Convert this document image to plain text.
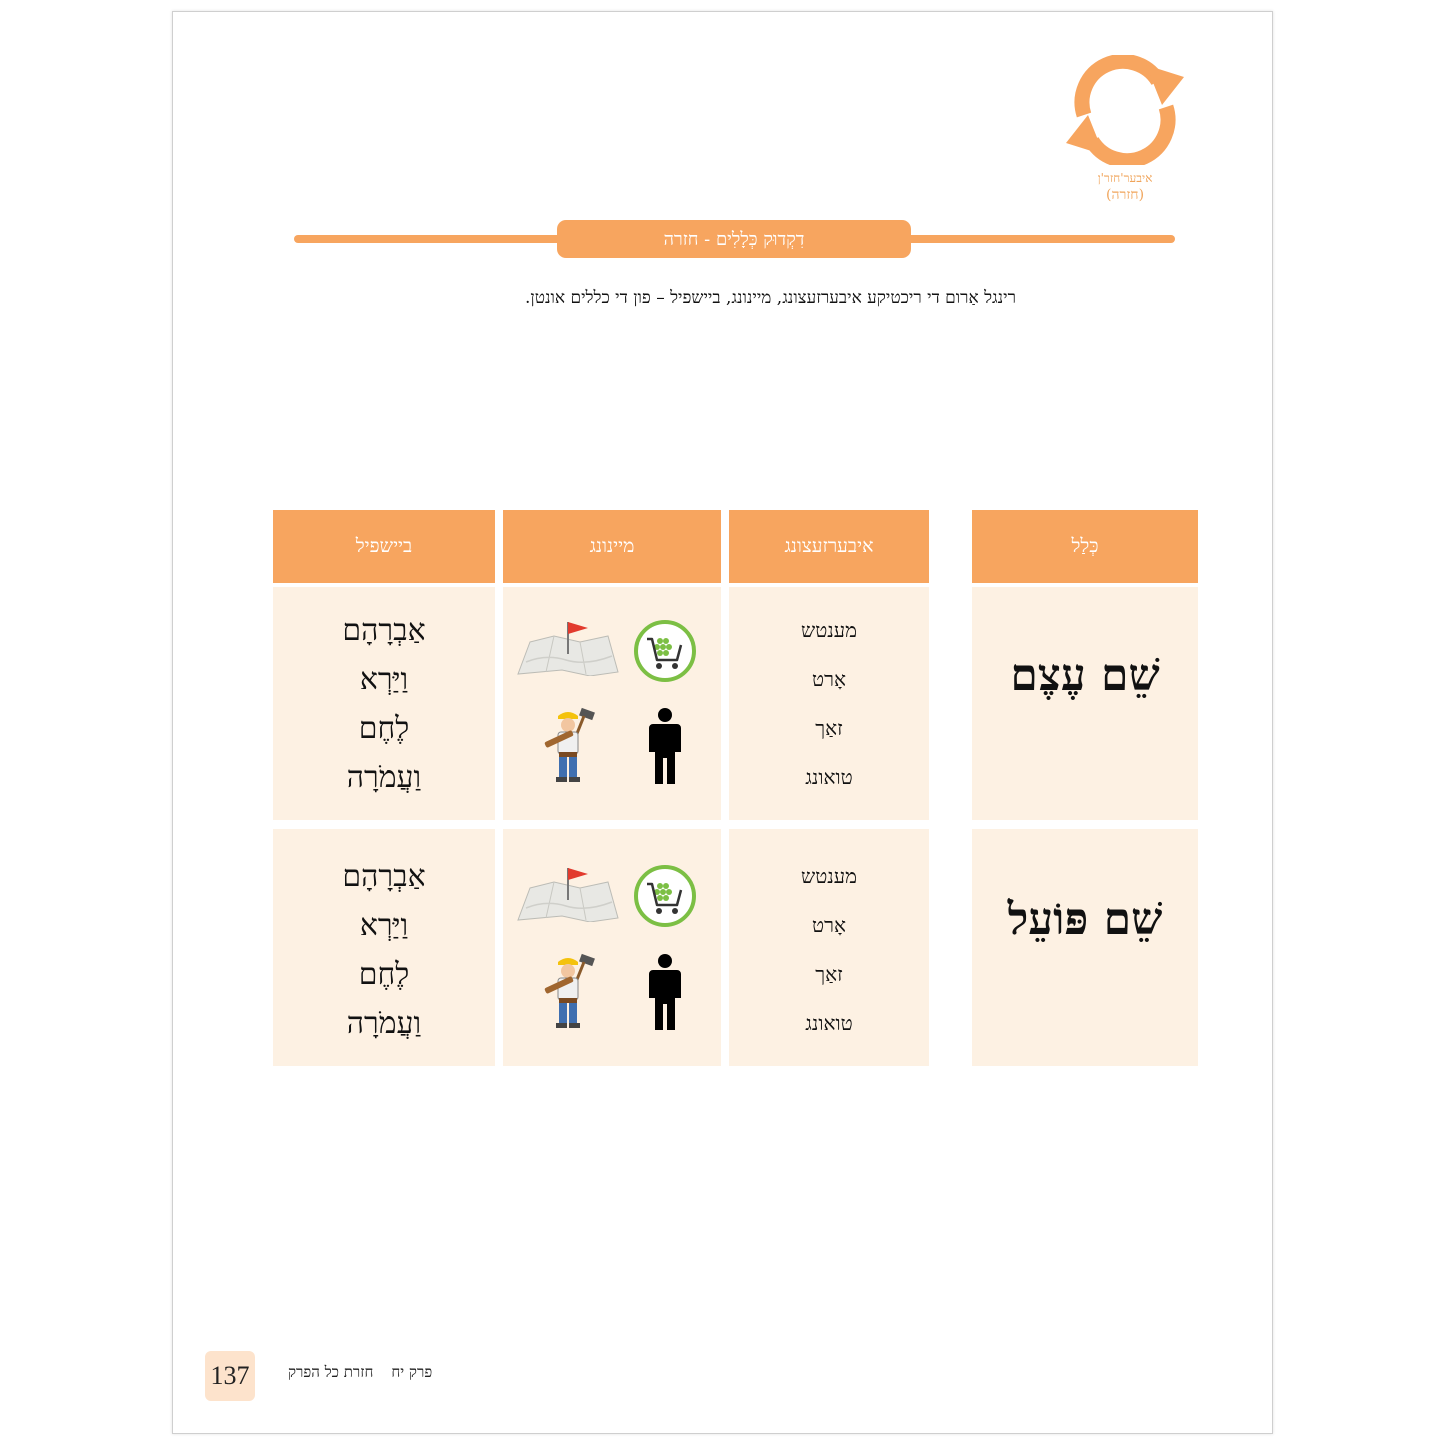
איבער'חזר'ן
(חזרה)
דִקְדוּק כְּלָלִים - חזרה
רינגל אַרום די ריכטיקע איבערזעצונג, מיינונג, ביישפיל – פון די כללים אונטן.
כְּלַל
איבערזעצונג
מיינונג
ביישפיל
שֵׁם עֶצֶם
מענטש
אָרט
זאַך
טואונג
אַבְרָהָם
וַיַּרְא
לֶחֶם
וַעֲמֹרָה
שֵׁם פּוֹעֵל
מענטש
אָרט
זאַך
טואונג
אַבְרָהָם
וַיַּרְא
לֶחֶם
וַעֲמֹרָה
137	פרק יחחזרת כל הפרק
